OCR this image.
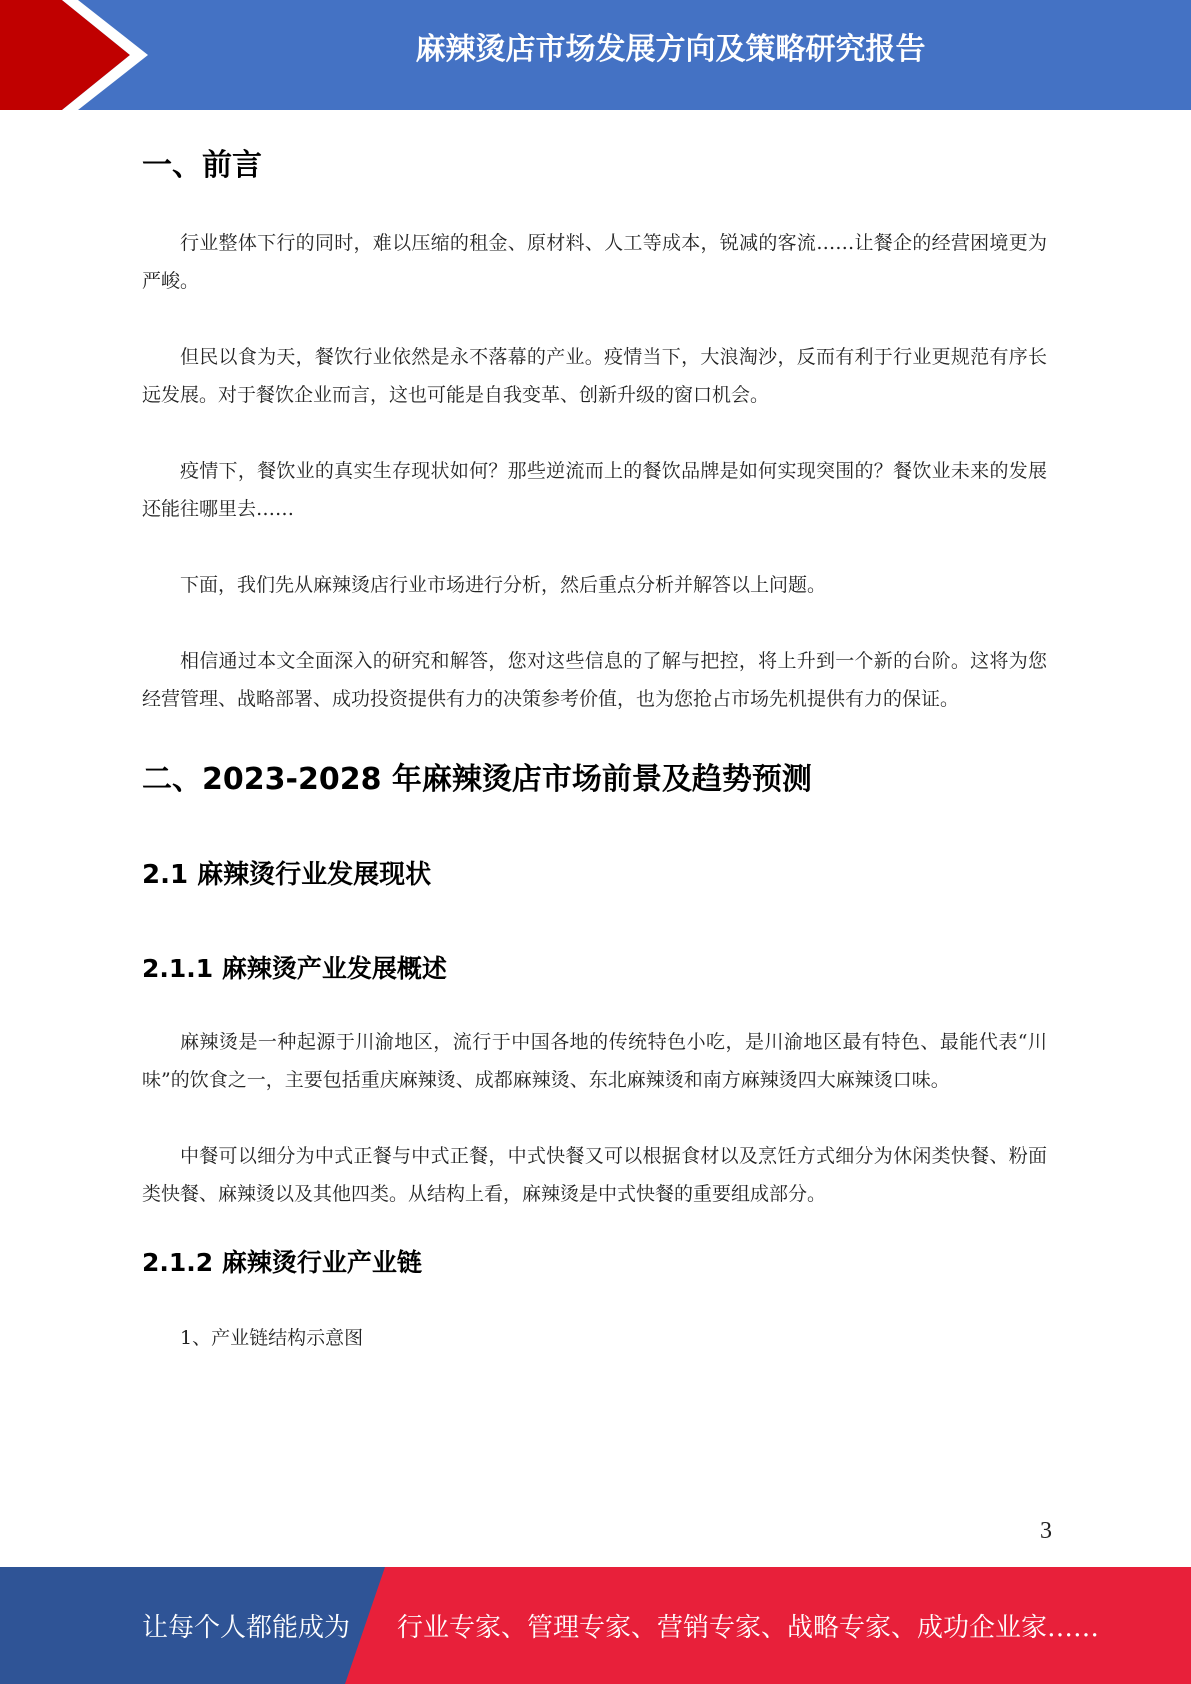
麻辣烫店市场发展方向及策略研究报告
一、前言

行业整体下行的同时，难以压缩的租金、原材料、人工等成本，锐减的客流……让餐企的经营困境更为严峻。

但民以食为天，餐饮行业依然是永不落幕的产业。疫情当下，大浪淘沙，反而有利于行业更规范有序长远发展。对于餐饮企业而言，这也可能是自我变革、创新升级的窗口机会。

疫情下，餐饮业的真实生存现状如何？那些逆流而上的餐饮品牌是如何实现突围的？餐饮业未来的发展还能往哪里去……

下面，我们先从麻辣烫店行业市场进行分析，然后重点分析并解答以上问题。

相信通过本文全面深入的研究和解答，您对这些信息的了解与把控，将上升到一个新的台阶。这将为您经营管理、战略部署、成功投资提供有力的决策参考价值，也为您抢占市场先机提供有力的保证。

二、2023-2028 年麻辣烫店市场前景及趋势预测
2.1 麻辣烫行业发展现状
2.1.1 麻辣烫产业发展概述

麻辣烫是一种起源于川渝地区，流行于中国各地的传统特色小吃，是川渝地区最有特色、最能代表“川味”的饮食之一，主要包括重庆麻辣烫、成都麻辣烫、东北麻辣烫和南方麻辣烫四大麻辣烫口味。

中餐可以细分为中式正餐与中式正餐，中式快餐又可以根据食材以及烹饪方式细分为休闲类快餐、粉面类快餐、麻辣烫以及其他四类。从结构上看，麻辣烫是中式快餐的重要组成部分。

2.1.2 麻辣烫行业产业链

1、产业链结构示意图

3
让每个人都能成为 行业专家、管理专家、营销专家、战略专家、成功企业家……
